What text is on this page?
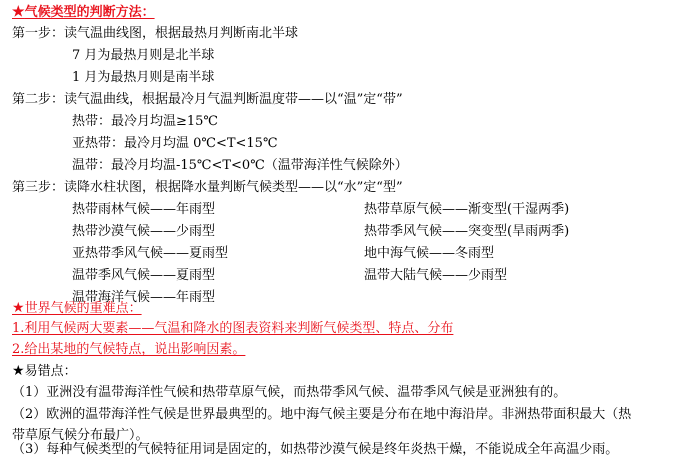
★气候类型的判断方法：
第一步：读气温曲线图，根据最热月判断南北半球
7 月为最热月则是北半球
1 月为最热月则是南半球
第二步：读气温曲线，根据最冷月气温判断温度带——以“温”定“带”
热带：最冷月均温≥15℃
亚热带：最冷月均温 0℃<T<15℃
温带：最冷月均温-15℃<T<0℃（温带海洋性气候除外）
第三步：读降水柱状图，根据降水量判断气候类型——以“水”定“型”
热带雨林气候——年雨型
热带沙漠气候——少雨型
亚热带季风气候——夏雨型
温带季风气候——夏雨型
温带海洋气候——年雨型
热带草原气候——渐变型(干湿两季)
热带季风气候——突变型(旱雨两季)
地中海气候——冬雨型
温带大陆气候——少雨型
★世界气候的重难点：
1.利用气候两大要素——气温和降水的图表资料来判断气候类型、特点、分布
2.给出某地的气候特点，说出影响因素。
★易错点：
（1）亚洲没有温带海洋性气候和热带草原气候，而热带季风气候、温带季风气候是亚洲独有的。
（2）欧洲的温带海洋性气候是世界最典型的。地中海气候主要是分布在地中海沿岸。非洲热带面积最大（热
带草原气候分布最广）。
（3）每种气候类型的气候特征用词是固定的，如热带沙漠气候是终年炎热干燥，不能说成全年高温少雨。
